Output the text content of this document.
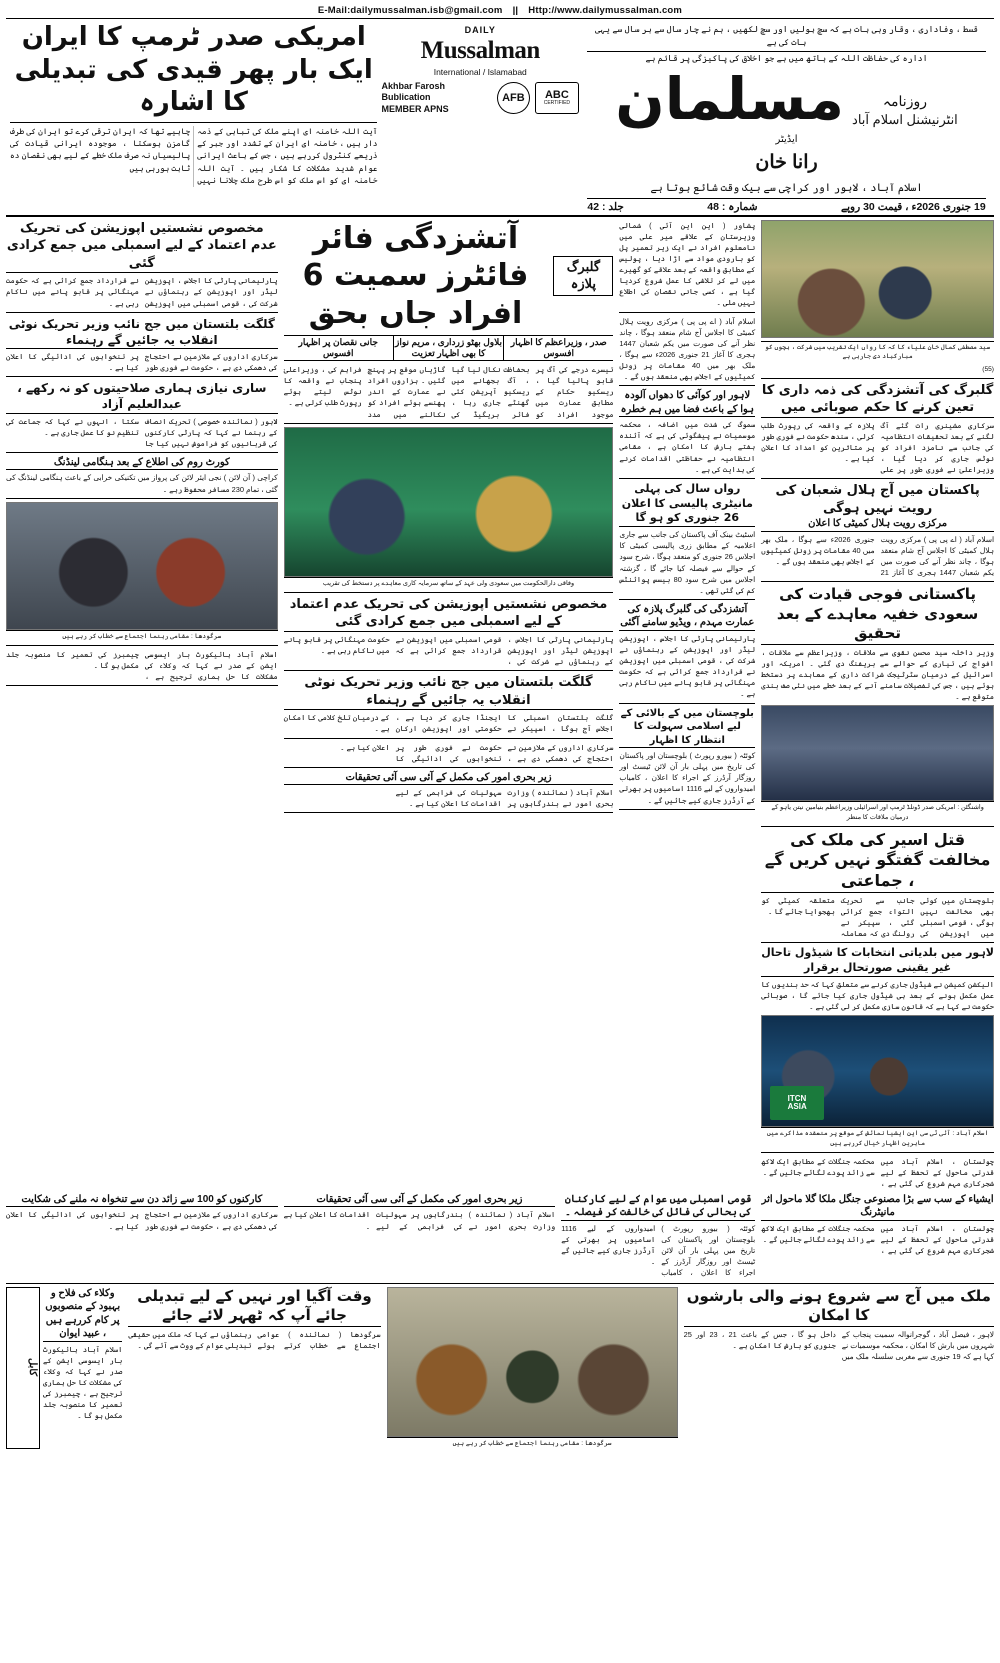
E-Mail:dailymussalman.isb@gmail.com || Http://www.dailymussalman.com
قسط ، وفاداری ، وقار وہی بات ہے کہ سچ بولیں اور سچ لکھیں ، ہم نے چار سال سے ہر سال سے یہی بات کی ہے
ادارہ کی حفاظت اللہ کے ہاتھ میں ہے جو اخلاق کی پاکیزگی پر قائم ہے
مسلمان	روزنامہ
انٹرنیشنل اسلام آباد
ایڈیٹر
رانا خان
اسلام آباد ، لاہور اور کراچی سے بیک وقت شائع ہوتا ہے
جلد : 42	شمارہ : 48	19 جنوری 2026ء ، قیمت 30 روپے
DAILY
Mussalman
International / Islamabad
Akhbar Farosh Bublication
MEMBER APNS
AFB	ABC
CERTIFIED
امریکی صدر ٹرمپ کا ایران ایک بار پھر قیدی کی تبدیلی کا اشارہ
آیت اللہ خامنہ ای اپنے ملک کی تباہی کے ذمہ دار ہیں ، خامنہ ای ایران کے تشدد اور جبر کے ذریعے کنٹرول کررہے ہیں ، جس کے باعث ایرانی عوام شدید مشکلات کا شکار ہیں ۔ آیت اللہ خامنہ ای کو اس ملک کو اس طرح ملک چلانا نہیں چاہیے تھا کہ ایران ترقی کرے تو ایران کی طرف گامزن ہوسکتا ، موجودہ ایرانی قیادت کی پالیسیاں نہ صرف ملک خطے کے لیے بھی نقصان دہ ثابت ہورہی ہیں
سید مصطفی کمال خان علیاء کا کہ کا رواں ایک تقریب میں شرکت ، بچوں کو مبارکباد دی جارہی ہے
(55)
گلبرگ کی آتشزدگی کی ذمہ داری کا تعین کرنے کا حکم صوبائی میں
سرکاری مشینری رات گئے آگ لگنے کے بعد تحقیقات انتظامیہ کی جانب سے نامزد افراد کو نوٹس جاری کر دیا گیا ، وزیراعلیٰ نے فوری طور پر علی پلازہ کے واقعہ کی رپورٹ طلب کرلی ، سندھ حکومت نے فوری طور پر متاثرین کو امداد کا اعلان کیا ہے ۔
پاکستان میں آج ہلال شعبان کی رویت نہیں ہوگی
مرکزی رویت ہلال کمیٹی کا اعلان
اسلام آباد ( اے پی پی ) مرکزی رویت ہلال کمیٹی کا اجلاس آج شام منعقد ہوگا ، چاند نظر آنے کی صورت میں یکم شعبان 1447 ہجری کا آغاز 21 جنوری 2026ء سے ہوگا ، ملک بھر میں 40 مقامات پر زونل کمیٹیوں کے اجلاس بھی منعقد ہوں گے ۔
پاکستانی فوجی قیادت کی سعودی خفیہ معاہدے کے بعد تحقیق
وزیر داخلہ سید محسن نقوی سے ملاقات ، وزیراعظم سے ملاقات ، افواج کی تیاری کے حوالے سے بریفنگ دی گئی ۔ امریکہ اور اسرائیل کے درمیان سٹرٹیجک شراکت داری کے معاہدے پر دستخط ہوئے ہیں ، جس کی تفصیلات سامنے آنے کے بعد خطے میں نئی صف بندی متوقع ہے ۔
واشنگٹن : امریکی صدر ڈونلڈ ٹرمپ اور اسرائیلی وزیراعظم بنیامین نیتن یاہو کے درمیان ملاقات کا منظر
قتل اسیر کی ملک کی مخالفت گفتگو نہیں کریں گے ، جماعتی
بلوچستان میں کوئی بھی مخالفت نہیں ہوگی ، قومی اسمبلی میں اپوزیشن کی جانب سے تحریک التواء جمع کرائی گئی ، سپیکر نے رولنگ دی کہ معاملہ متعلقہ کمیٹی کو بھجوایا جائے گا ۔
لاہور میں بلدیاتی انتخابات کا شیڈول تاحال غیر یقینی صورتحال برقرار
الیکشن کمیشن نے شیڈول جاری کرنے سے متعلق کہا کہ حد بندیوں کا عمل مکمل ہونے کے بعد ہی شیڈول جاری کیا جائے گا ، صوبائی حکومت نے کہا ہے کہ قانون سازی مکمل کر لی گئی ہے ۔
ITCN
ASIA
اسلام آباد : آئی ٹی سی این ایشیا نمائش کے موقع پر منعقدہ مذاکرے میں ماہرین اظہار خیال کررہے ہیں
چولستان ، اسلام آباد میں قدرتی ماحول کے تحفظ کے لیے شجرکاری مہم شروع کی گئی ہے ، محکمہ جنگلات کے مطابق ایک لاکھ سے زائد پودے لگائے جائیں گے ۔
پشاور ( این این آئی ) شمالی وزیرستان کے علاقے میر علی میں نامعلوم افراد نے ایک زیر تعمیر پل کو بارودی مواد سے اڑا دیا ، پولیس کے مطابق واقعہ کے بعد علاقے کو گھیرے میں لے کر تلاشی کا عمل شروع کردیا گیا ہے ، کسی جانی نقصان کی اطلاع نہیں ملی ۔
اسلام آباد ( اے پی پی ) مرکزی رویت ہلال کمیٹی کا اجلاس آج شام منعقد ہوگا ، چاند نظر آنے کی صورت میں یکم شعبان 1447 ہجری کا آغاز 21 جنوری 2026ء سے ہوگا ، ملک بھر میں 40 مقامات پر زونل کمیٹیوں کے اجلاس بھی منعقد ہوں گے ۔
لاہور اور کوآئی کا دھواں آلودہ ہوا کے باعث فضا میں ہم خطرہ
سموگ کی شدت میں اضافہ ، محکمہ موسمیات نے پیشگوئی کی ہے کہ آئندہ ہفتے بارش کا امکان ہے ، مقامی انتظامیہ نے حفاظتی اقدامات کرنے کی ہدایت کی ہے ۔
رواں سال کی پہلی مانیٹری پالیسی کا اعلان 26 جنوری کو ہو گا
اسٹیٹ بینک آف پاکستان کی جانب سے جاری اعلامیہ کے مطابق زری پالیسی کمیٹی کا اجلاس 26 جنوری کو منعقد ہوگا ، شرح سود کے حوالے سے فیصلہ کیا جائے گا ، گزشتہ اجلاس میں شرح سود 80 بیسس پوائنٹس کم کی گئی تھی ۔
آتشزدگی کی گلبرگ پلازہ کی عمارت مہدم ، ویڈیو سامنے آگئی
پارلیمانی پارٹی کا اجلاس ، اپوزیشن لیڈر اور اپوزیشن کے رہنماؤں نے شرکت کی ، قومی اسمبلی میں اپوزیشن نے قرارداد جمع کرائی ہے کہ حکومت مہنگائی پر قابو پانے میں ناکام رہی ہے ۔
بلوچستان میں کے بالائی کے لیے اسلامی سہولت کا انتظار کا اظہار
کوئٹہ ( بیورو رپورٹ ) بلوچستان اور پاکستان کی تاریخ میں پہلی بار آن لائن ٹیسٹ اور روزگار آرڈرز کے اجراء کا اعلان ، کامیاب امیدواروں کے لیے 1116 اسامیوں پر بھرتی کے آرڈرز جاری کیے جائیں گے ۔
گلبرگ پلازہ
آتشزدگی فائر فائٹرز سمیت 6 افراد جاں بحق
صدر ، وزیراعظم کا اظہار افسوس
بلاول بھٹو زرداری ، مریم نواز کا بھی اظہار تعزیت
جانی نقصان پر اظہار افسوس
تیسرے درجے کی آگ پر قابو پالیا گیا ، ریسکیو حکام کے مطابق عمارت میں موجود افراد کو بحفاظت نکال لیا گیا ، آگ بجھانے میں ریسکیو آپریشن کئی گھنٹے جاری رہا ، فائر بریگیڈ کی گاڑیاں موقع پر پہنچ گئیں ۔ ہزاروں افراد نے عمارت کے اندر پھنسے ہوئے افراد کو نکالنے میں مدد فراہم کی ، وزیراعلیٰ پنجاب نے واقعہ کا نوٹس لیتے ہوئے رپورٹ طلب کرلی ہے ۔
وفاقی دارالحکومت میں سعودی ولی عہد کے ساتھ سرمایہ کاری معاہدے پر دستخط کی تقریب
مخصوص نشستیں اپوزیشن کی تحریک عدم اعتماد کے لیے اسمبلی میں جمع کرادی گئی
پارلیمانی پارٹی کا اجلاس ، اپوزیشن لیڈر اور اپوزیشن کے رہنماؤں نے شرکت کی ، قومی اسمبلی میں اپوزیشن نے قرارداد جمع کرائی ہے کہ حکومت مہنگائی پر قابو پانے میں ناکام رہی ہے ۔
گلگت بلتستان میں جج نائب وزیر تحریک نوٹی انقلاب یہ جائیں گے رہنماء
گلگت بلتستان اسمبلی کا اجلاس آج ہوگا ، اسپیکر نے ایجنڈا جاری کر دیا ہے ، حکومتی اور اپوزیشن ارکان کے درمیان تلخ کلامی کا امکان ہے ۔
سرکاری اداروں کے ملازمین نے احتجاج کی دھمکی دی ہے ، حکومت نے فوری طور پر تنخواہوں کی ادائیگی کا اعلان کیا ہے ۔
زیر بحری امور کی مکمل کے آئی سی آئی تحقیقات
اسلام آباد ( نمائندہ ) وزارت بحری امور نے بندرگاہوں پر سہولیات کی فراہمی کے لیے اقدامات کا اعلان کیا ہے ۔
مخصوص نشستیں اپوزیشن کی تحریک عدم اعتماد کے لیے اسمبلی میں جمع کرادی گئی
پارلیمانی پارٹی کا اجلاس ، اپوزیشن لیڈر اور اپوزیشن کے رہنماؤں نے شرکت کی ، قومی اسمبلی میں اپوزیشن نے قرارداد جمع کرائی ہے کہ حکومت مہنگائی پر قابو پانے میں ناکام رہی ہے ۔
گلگت بلتستان میں جج نائب وزیر تحریک نوٹی انقلاب یہ جائیں گے رہنماء
سرکاری اداروں کے ملازمین نے احتجاج کی دھمکی دی ہے ، حکومت نے فوری طور پر تنخواہوں کی ادائیگی کا اعلان کیا ہے ۔
ساری نیازی ہماری صلاحیتوں کو نہ رکھے ، عبدالعلیم آزاد
لاہور ( نمائندہ خصوصی ) تحریک انصاف کے رہنما نے کہا کہ پارٹی کارکنوں کی قربانیوں کو فراموش نہیں کیا جا سکتا ، انہوں نے کہا کہ جماعت کی تنظیم نو کا عمل جاری ہے ۔
کورٹ روم کی اطلاع کے بعد ہنگامی لینڈنگ
کراچی ( آن لائن ) نجی ایئر لائن کی پرواز میں تکنیکی خرابی کے باعث ہنگامی لینڈنگ کی گئی ، تمام 230 مسافر محفوظ رہے ۔
سرگودھا : مقامی رہنما اجتماع سے خطاب کر رہے ہیں
اسلام آباد ہائیکورٹ بار ایسوسی ایشن کے صدر نے کہا کہ وکلاء کی مشکلات کا حل ہماری ترجیح ہے ، چیمبرز کی تعمیر کا منصوبہ جلد مکمل ہو گا ۔
ایشیاء کے سب سے بڑا مصنوعی جنگل ملکا گلا ماحول اثر مانیٹرنگ
چولستان ، اسلام آباد میں قدرتی ماحول کے تحفظ کے لیے شجرکاری مہم شروع کی گئی ہے ، محکمہ جنگلات کے مطابق ایک لاکھ سے زائد پودے لگائے جائیں گے ۔
قومی اسمبلی میں عوام کے لیے کارکنان کی بحالی کی فائل کی خالفت کر فیصلہ ۔
کوئٹہ ( بیورو رپورٹ ) بلوچستان اور پاکستان کی تاریخ میں پہلی بار آن لائن ٹیسٹ اور روزگار آرڈرز کے اجراء کا اعلان ، کامیاب امیدواروں کے لیے 1116 اسامیوں پر بھرتی کے آرڈرز جاری کیے جائیں گے ۔
زیر بحری امور کی مکمل کے آئی سی آئی تحقیقات
اسلام آباد ( نمائندہ ) وزارت بحری امور نے بندرگاہوں پر سہولیات کی فراہمی کے لیے اقدامات کا اعلان کیا ہے ۔
کارکنوں کو 100 سے زائد دن سے تنخواہ نہ ملنے کی شکایت
سرکاری اداروں کے ملازمین نے احتجاج کی دھمکی دی ہے ، حکومت نے فوری طور پر تنخواہوں کی ادائیگی کا اعلان کیا ہے ۔
ملک میں آج سے شروع ہونے والی بارشوں کا امکان
لاہور ، فیصل آباد ، گوجرانوالہ سمیت پنجاب کے شہروں میں بارش کا امکان ، محکمہ موسمیات نے کہا ہے کہ 19 جنوری سے مغربی سلسلہ ملک میں داخل ہو گا ، جس کے باعث 21 ، 23 اور 25 جنوری کو بارش کا امکان ہے ۔
سرگودھا : مقامی رہنما اجتماع سے خطاب کر رہے ہیں
وقت آگیا اور نہیں کے لیے تبدیلی جائے آپ کہ ٹھہر لائے جائے
سرگودھا ( نمائندہ ) عوامی اجتماع سے خطاب کرتے ہوئے رہنماؤں نے کہا کہ ملک میں حقیقی تبدیلی عوام کے ووٹ سے آئے گی ۔
وکلاء کی فلاح و بہبود کے منصوبوں پر کام کررہے ہیں ، عبید ایوان
اسلام آباد ہائیکورٹ بار ایسوسی ایشن کے صدر نے کہا کہ وکلاء کی مشکلات کا حل ہماری ترجیح ہے ، چیمبرز کی تعمیر کا منصوبہ جلد مکمل ہو گا ۔
کابل
